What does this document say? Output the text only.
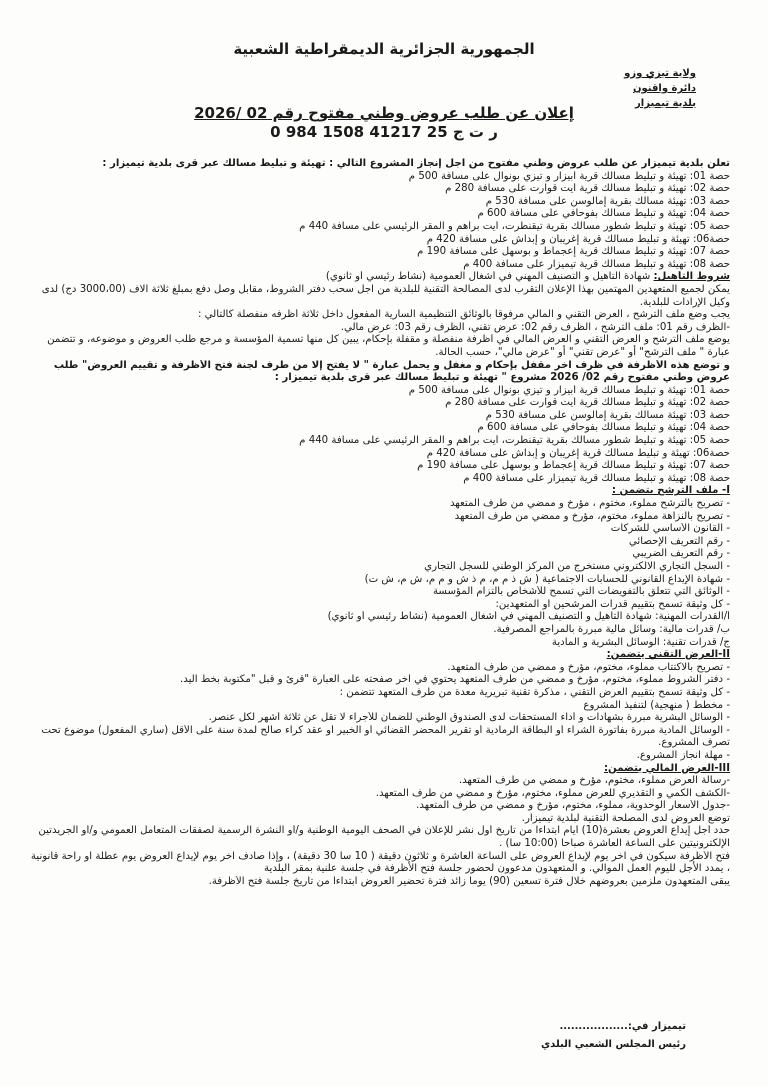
الجمهورية الجزائرية الديمقراطية الشعبية
ولاية تيزي وزو
دائرة واقنون
بلدية تيميزار
إعلان عن طلب عروض وطني مفتوح رقم 02 /2026
ر ت ج 25 41217 1508 984 0

تعلن بلدية تيميزار عن طلب عروض وطني مفتوح من اجل إنجاز المشروع التالي : تهيئة و تبليط مسالك عبر قرى بلدية تيميزار :

حصة 01: تهيئة و تبليط مسالك قرية أبيزار و تيزي بونوال على مسافة 500 م

حصة 02: تهيئة و تبليط مسالك قرية أيت قوارت على مسافة 280 م

حصة 03: تهيئة مسالك بقرية إمالوسن على مسافة 530 م

حصة 04: تهيئة و تبليط مسالك بفوحافي على مسافة 600 م

حصة 05: تهيئة و تبليط شطور مسالك بقرية تيقنطرت، أيت براهم و المقر الرئيسي على مسافة 440 م

حصة06: تهيئة و تبليط مسالك قرية إغريبان و إبداش على مسافة 420 م

حصة 07: تهيئة و تبليط مسالك قرية إعجماط و بوسهل على مسافة 190 م

حصة 08: تهيئة و تبليط مسالك قرية تيميزار على مسافة 400 م

شروط التأهيل: شهادة التأهيل و التصنيف المهني في أشغال العمومية (نشاط رئيسي أو ثانوي)

يمكن لجميع المتعهدين المهتمين بهذا الإعلان التقرب لدى المصالحة التقنية للبلدية من اجل سحب دفتر الشروط، مقابل وصل دفع بمبلغ ثلاثة آلاف (3000،00 دج) لدى وكيل الإرادات للبلدية.

يجب وضع ملف الترشح ، العرض التقني و المالي مرفوقا بالوثائق التنظيمية السارية المفعول داخل ثلاثة أظرفه منفصلة كالتالي :

-الظرف رقم 01: ملف الترشح ، الظرف رقم 02: عرض تقني، الظرف رقم 03: عرض مالي.

يوضع ملف الترشح و العرض التقني و العرض المالي في أظرفة منفصلة و مقفلة بإحكام، يبين كل منها تسمية المؤسسة و مرجع طلب العروض و موضوعه، و تتضمن عبارة " ملف الترشح" أو "عرض تقني" أو "عرض مالي"، حسب الحالة.

و توضع هذه الأظرفة في ظرف آخر مقفل بإحكام و مغفل و يحمل عبارة " لا يفتح إلا من طرف لجنة فتح الأظرفة و تقييم العروض" طلب عروض وطني مفتوح رقم 02/ 2026 مشروع " تهيئة و تبليط مسالك عبر قرى بلدية تيميزار :

حصة 01: تهيئة و تبليط مسالك قرية أبيزار و تيزي بونوال على مسافة 500 م

حصة 02: تهيئة و تبليط مسالك قرية أيت قوارت على مسافة 280 م

حصة 03: تهيئة مسالك بقرية إمالوسن على مسافة 530 م

حصة 04: تهيئة و تبليط مسالك بفوحافي على مسافة 600 م

حصة 05: تهيئة و تبليط شطور مسالك بقرية تيقنطرت، أيت براهم و المقر الرئيسي على مسافة 440 م

حصة06: تهيئة و تبليط مسالك قرية إغريبان و إبداش على مسافة 420 م

حصة 07: تهيئة و تبليط مسالك قرية إعجماط و بوسهل على مسافة 190 م

حصة 08: تهيئة و تبليط مسالك قرية تيميزار على مسافة 400 م

I- ملف الترشح يتضمن :

- تصريح بالترشح مملوء، مختوم ، مؤرخ و ممضي من طرف المتعهد

- تصريح بالنزاهة مملوء، مختوم، مؤرخ و ممضي من طرف المتعهد

- القانون الأساسي للشركات

- رقم التعريف الإحصائي

- رقم التعريف الضريبي

- السجل التجاري الالكتروني مستخرج من المركز الوطني للسجل التجاري

- شهادة الإيداع القانوني للحسابات الاجتماعية ( ش ذ م م، م ذ ش و م م، ش م، ش ت)

- الوثائق التي تتعلق بالتفويضات التي تسمح للأشخاص بالتزام المؤسسة

- كل وثيقة تسمح بتقييم قدرات المرشحين أو المتعهدين:

أ/القدرات المهنية: شهادة التأهيل و التصنيف المهني في أشغال العمومية (نشاط رئيسي أو ثانوي)

ب/ قدرات مالية: وسائل مالية مبررة بالمراجع المصرفية.

ج/ قدرات تقنية: الوسائل البشرية و المادية

II-العرض التقني يتضمن:

- تصريح بالاكتتاب مملوء، مختوم، مؤرخ و ممضي من طرف المتعهد.

- دفتر الشروط مملوء، مختوم، مؤرخ و ممضي من طرف المتعهد يحتوي في آخر صفحته على العبارة "قرئ و قبل "مكتوبة بخط اليد.

- كل وثيقة تسمح بتقييم العرض التقني ، مذكرة تقنية تبريرية معدة من طرف المتعهد تتضمن :

- مخطط ( منهجية) لتنفيذ المشروع

- الوسائل البشرية مبررة بشهادات و أداء المستحقات لدى الصندوق الوطني للضمان للأجراء لا تقل عن ثلاثة أشهر لكل عنصر.

- الوسائل المادية مبررة بفاتورة الشراء أو البطاقة الرمادية أو تقرير المحضر القضائي أو الخبير أو عقد كراء صالح لمدة سنة على الأقل (ساري المفعول) موضوع تحت تصرف المشروع.

- مهلة انجاز المشروع.

III-العرض المالي يتضمن:

-رسالة العرض مملوء، مختوم، مؤرخ و ممضي من طرف المتعهد.

-الكشف الكمي و التقديري للعرض مملوء، مختوم، مؤرخ و ممضي من طرف المتعهد.

-جدول الأسعار الوحدوية، مملوء، مختوم، مؤرخ و ممضي من طرف المتعهد.

توضع العروض لدى المصلحة التقنية لبلدية تيميزار.

حدد أجل إيداع العروض بعشرة(10) أيام ابتداءا من تاريخ أول نشر للإعلان في الصحف اليومية الوطنية و/أو النشرة الرسمية لصفقات المتعامل العمومي و/أو الجريدتين الإلكترونيتين على الساعة العاشرة صباحا (10:00 سا) .

فتح الأظرفة سيكون في آخر يوم لإيداع العروض على الساعة العاشرة و ثلاثون دقيقة ( 10 سا 30 دقيقة) ، وإذا صادف اخر يوم لإيداع العروض يوم عطلة او راحة قانونية ، يمدد الأجل لليوم العمل الموالي. و المتعهدون مدعوون لحضور جلسة فتح الأظرفة في جلسة علنية بمقر البلدية

يبقى المتعهدون ملزمين بعروضهم خلال فترة تسعين (90) يوما زائد فترة تحضير العروض ابتداءا من تاريخ جلسة فتح الأظرفة.

تيميزار في:..................
رئيس المجلس الشعبي البلدي
